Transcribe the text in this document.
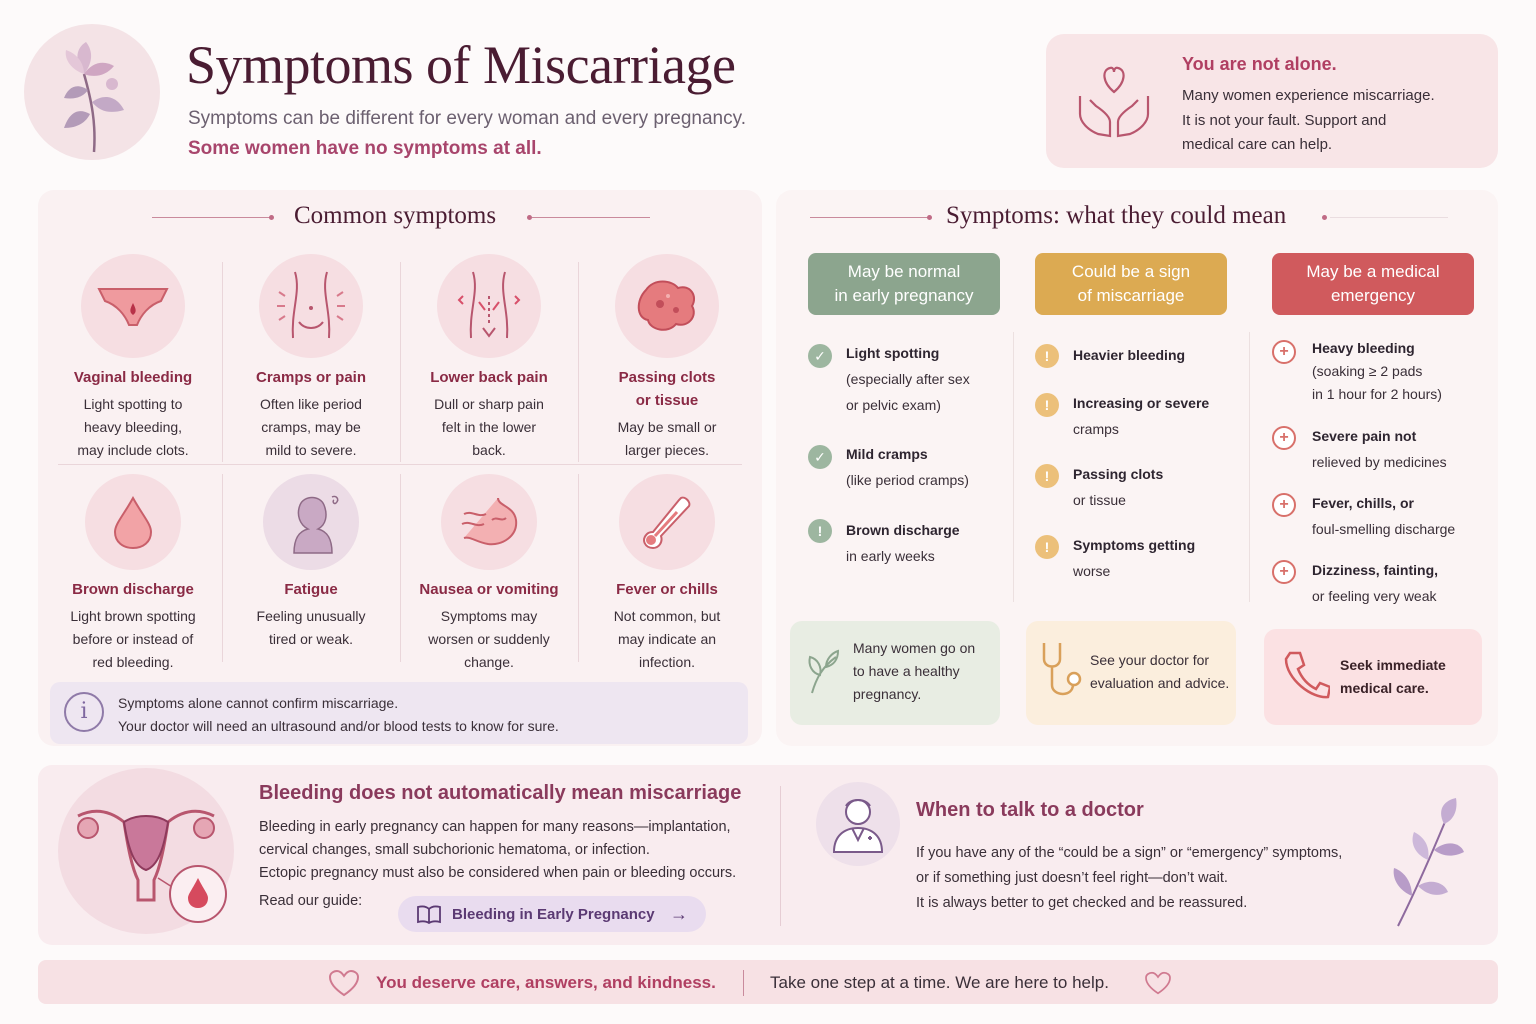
Symptoms of Miscarriage
Symptoms can be different for every woman and every pregnancy.
Some women have no symptoms at all.
You are not alone.
Many women experience miscarriage.
It is not your fault. Support and
medical care can help.
Common symptoms
Vaginal bleeding
Light spotting to
heavy bleeding,
may include clots.
Cramps or pain
Often like period
cramps, may be
mild to severe.
Lower back pain
Dull or sharp pain
felt in the lower
back.
Passing clots
or tissue
May be small or
larger pieces.
Brown discharge
Light brown spotting
before or instead of
red bleeding.
Fatigue
Feeling unusually
tired or weak.
Nausea or vomiting
Symptoms may
worsen or suddenly
change.
Fever or chills
Not common, but
may indicate an
infection.
i	Symptoms alone cannot confirm miscarriage.
Your doctor will need an ultrasound and/or blood tests to know for sure.
Symptoms: what they could mean
May be normal
in early pregnancy
Could be a sign
of miscarriage
May be a medical
emergency
✓	Light spotting
(especially after sex
or pelvic exam)
✓	Mild cramps
(like period cramps)
!	Brown discharge
in early weeks
!	Heavier bleeding
!	Increasing or severe
cramps
!	Passing clots
or tissue
!	Symptoms getting
worse
+	Heavy bleeding
(soaking ≥ 2 pads
in 1 hour for 2 hours)
+	Severe pain not
relieved by medicines
+	Fever, chills, or
foul-smelling discharge
+	Dizziness, fainting,
or feeling very weak
Many women go on
to have a healthy
pregnancy.
See your doctor for
evaluation and advice.
Seek immediate
medical care.
Bleeding does not automatically mean miscarriage
Bleeding in early pregnancy can happen for many reasons—implantation,
cervical changes, small subchorionic hematoma, or infection.
Ectopic pregnancy must also be considered when pain or bleeding occurs.
Read our guide:
Bleeding in Early Pregnancy →
When to talk to a doctor
If you have any of the “could be a sign” or “emergency” symptoms,
or if something just doesn’t feel right—don’t wait.
It is always better to get checked and be reassured.
You deserve care, answers, and kindness.	Take one step at a time. We are here to help.
